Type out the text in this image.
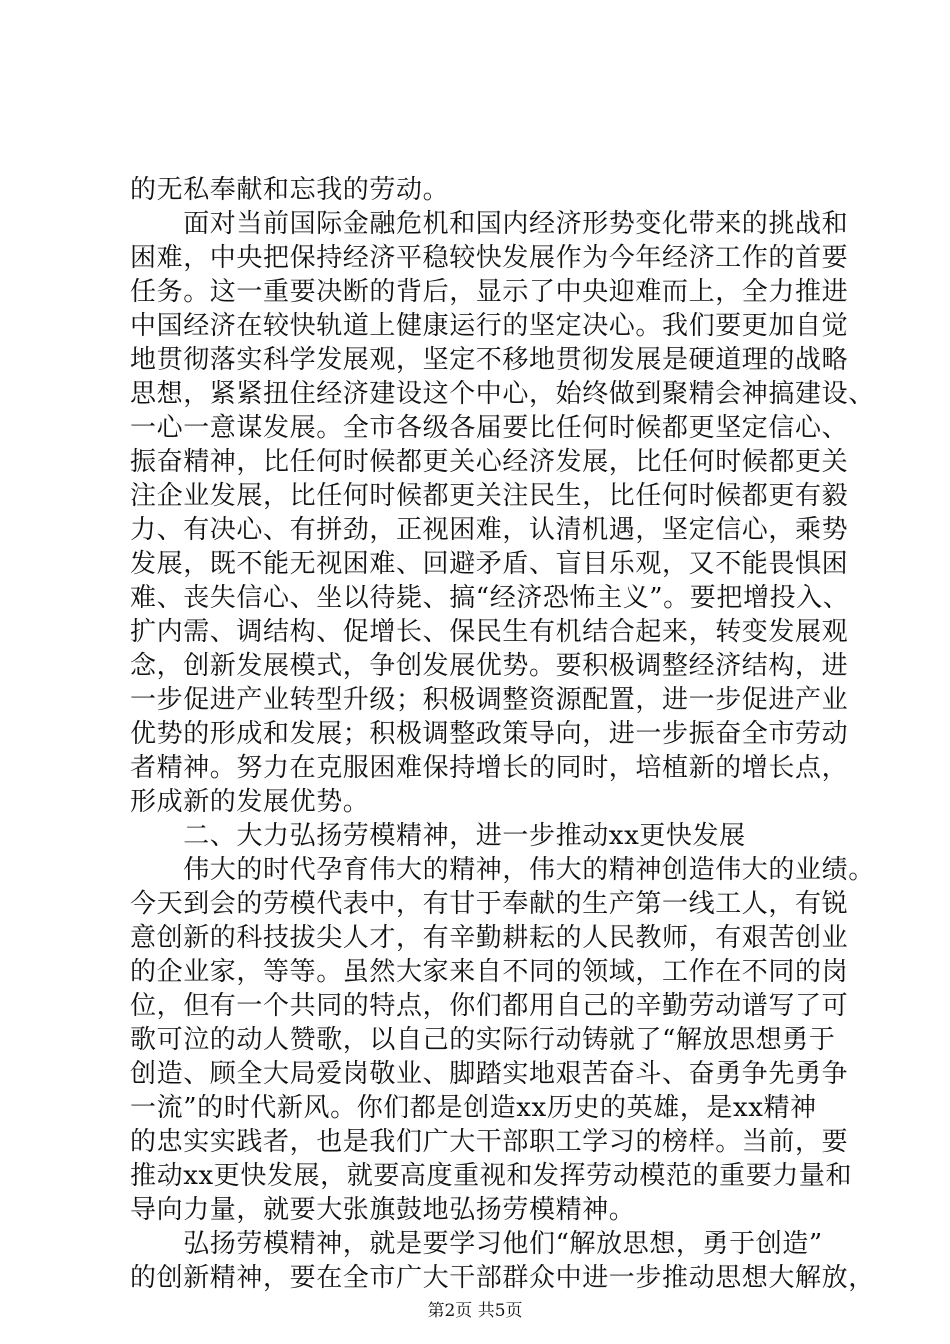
的无私奉献和忘我的劳动。
　　面对当前国际金融危机和国内经济形势变化带来的挑战和
困难，中央把保持经济平稳较快发展作为今年经济工作的首要
任务。这一重要决断的背后，显示了中央迎难而上，全力推进
中国经济在较快轨道上健康运行的坚定决心。我们要更加自觉
地贯彻落实科学发展观，坚定不移地贯彻发展是硬道理的战略
思想，紧紧扭住经济建设这个中心，始终做到聚精会神搞建设、
一心一意谋发展。全市各级各届要比任何时候都更坚定信心、
振奋精神，比任何时候都更关心经济发展，比任何时候都更关
注企业发展，比任何时候都更关注民生，比任何时候都更有毅
力、有决心、有拼劲，正视困难，认清机遇，坚定信心，乘势
发展，既不能无视困难、回避矛盾、盲目乐观，又不能畏惧困
难、丧失信心、坐以待毙、搞“经济恐怖主义”。要把增投入、
扩内需、调结构、促增长、保民生有机结合起来，转变发展观
念，创新发展模式，争创发展优势。要积极调整经济结构，进
一步促进产业转型升级；积极调整资源配置，进一步促进产业
优势的形成和发展；积极调整政策导向，进一步振奋全市劳动
者精神。努力在克服困难保持增长的同时，培植新的增长点，
形成新的发展优势。
　　二、大力弘扬劳模精神，进一步推动xx更快发展
　　伟大的时代孕育伟大的精神，伟大的精神创造伟大的业绩。
今天到会的劳模代表中，有甘于奉献的生产第一线工人，有锐
意创新的科技拔尖人才，有辛勤耕耘的人民教师，有艰苦创业
的企业家，等等。虽然大家来自不同的领域，工作在不同的岗
位，但有一个共同的特点，你们都用自己的辛勤劳动谱写了可
歌可泣的动人赞歌，以自己的实际行动铸就了“解放思想勇于
创造、顾全大局爱岗敬业、脚踏实地艰苦奋斗、奋勇争先勇争
一流”的时代新风。你们都是创造xx历史的英雄，是xx精神
的忠实实践者，也是我们广大干部职工学习的榜样。当前，要
推动xx更快发展，就要高度重视和发挥劳动模范的重要力量和
导向力量，就要大张旗鼓地弘扬劳模精神。
　　弘扬劳模精神，就是要学习他们“解放思想，勇于创造”
的创新精神，要在全市广大干部群众中进一步推动思想大解放，
第2页 共5页
